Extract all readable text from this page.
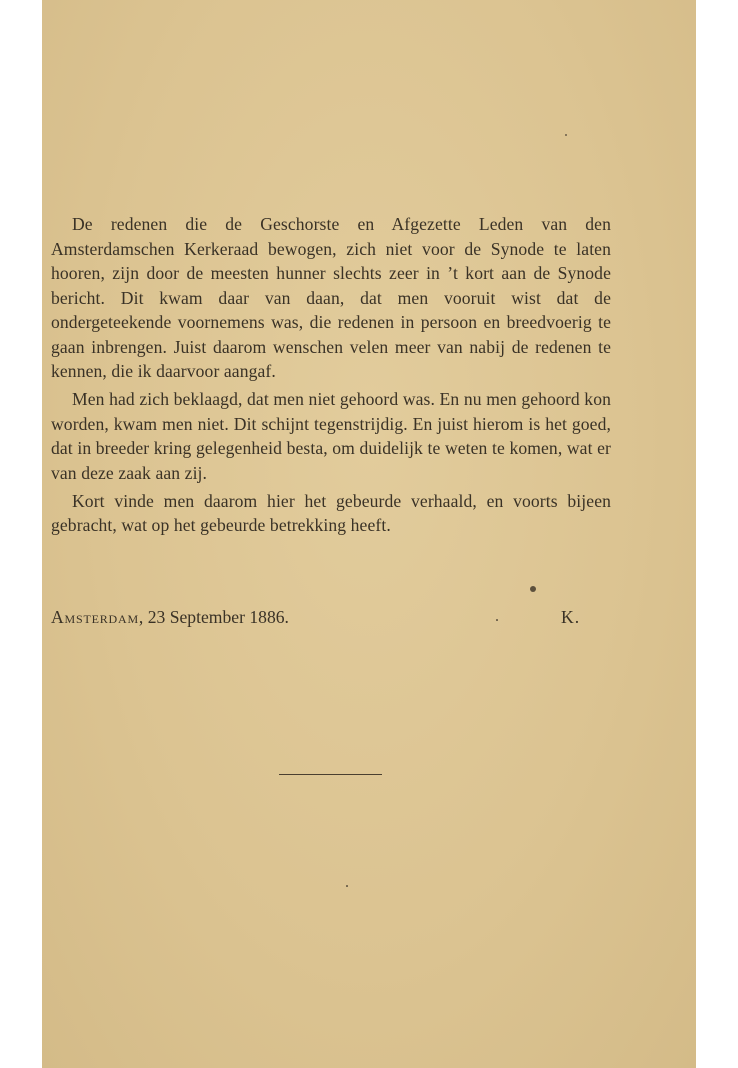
De redenen die de Geschorste en Afgezette Leden van den Amsterdamschen Kerkeraad bewogen, zich niet voor de Synode te laten hooren, zijn door de meesten hunner slechts zeer in ’t kort aan de Synode bericht. Dit kwam daar van daan, dat men vooruit wist dat de ondergeteekende voornemens was, die redenen in persoon en breedvoerig te gaan inbrengen. Juist daarom wenschen velen meer van nabij de redenen te kennen, die ik daarvoor aangaf.

Men had zich beklaagd, dat men niet gehoord was. En nu men gehoord kon worden, kwam men niet. Dit schijnt tegenstrijdig. En juist hierom is het goed, dat in breeder kring gelegenheid besta, om duidelijk te weten te komen, wat er van deze zaak aan zij.

Kort vinde men daarom hier het gebeurde verhaald, en voorts bijeen gebracht, wat op het gebeurde betrekking heeft.

Amsterdam, 23 September 1886.	K.
